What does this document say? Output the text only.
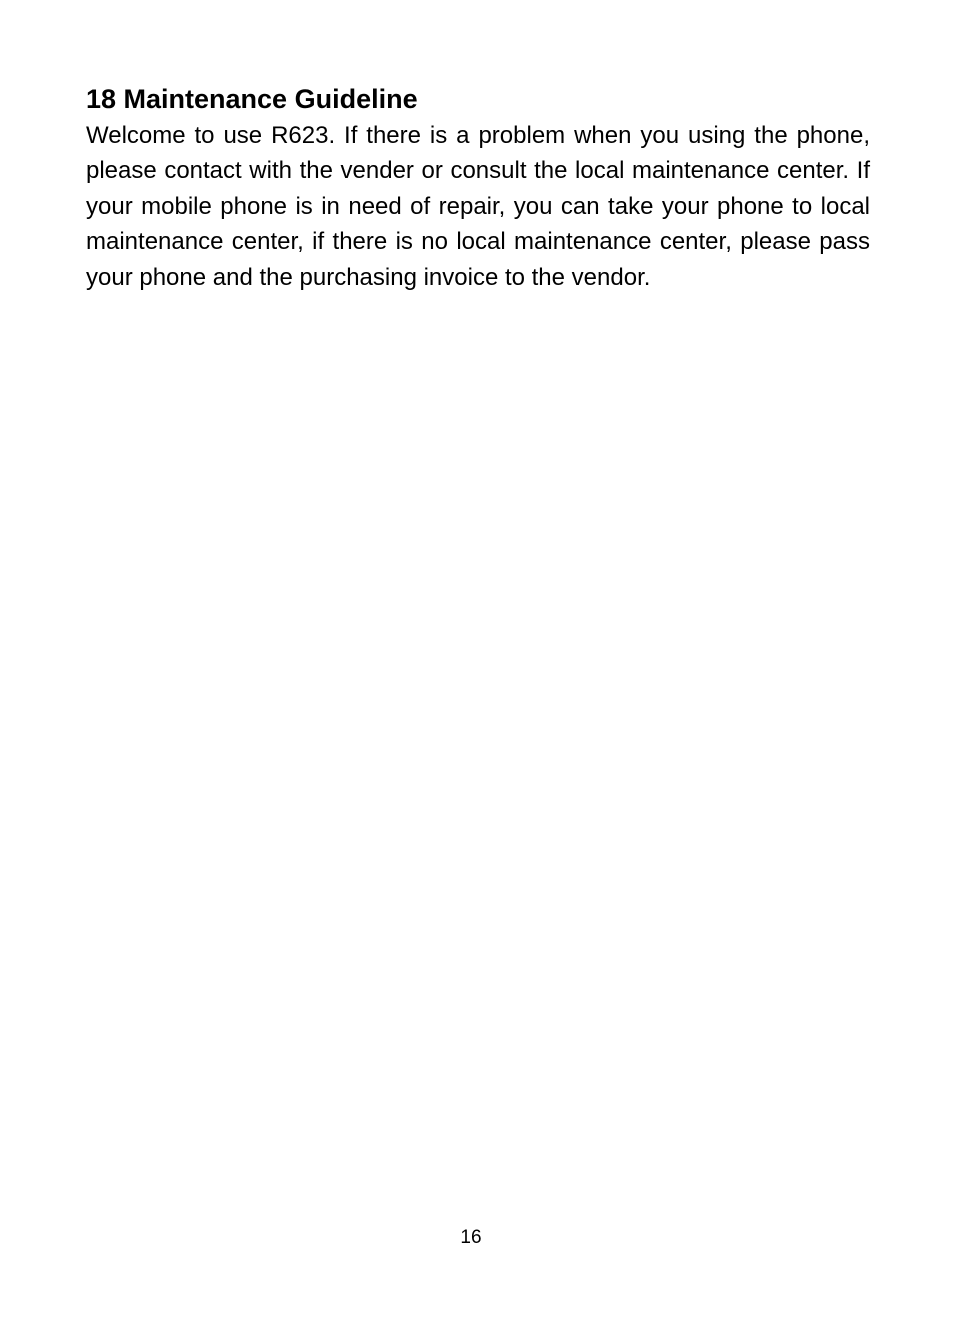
18 Maintenance Guideline

Welcome to use R623. If there is a problem when you using the phone, please contact with the vender or consult the local maintenance center. If your mobile phone is in need of repair, you can take your phone to local maintenance center, if there is no local maintenance center, please pass your phone and the purchasing invoice to the vendor.

16
